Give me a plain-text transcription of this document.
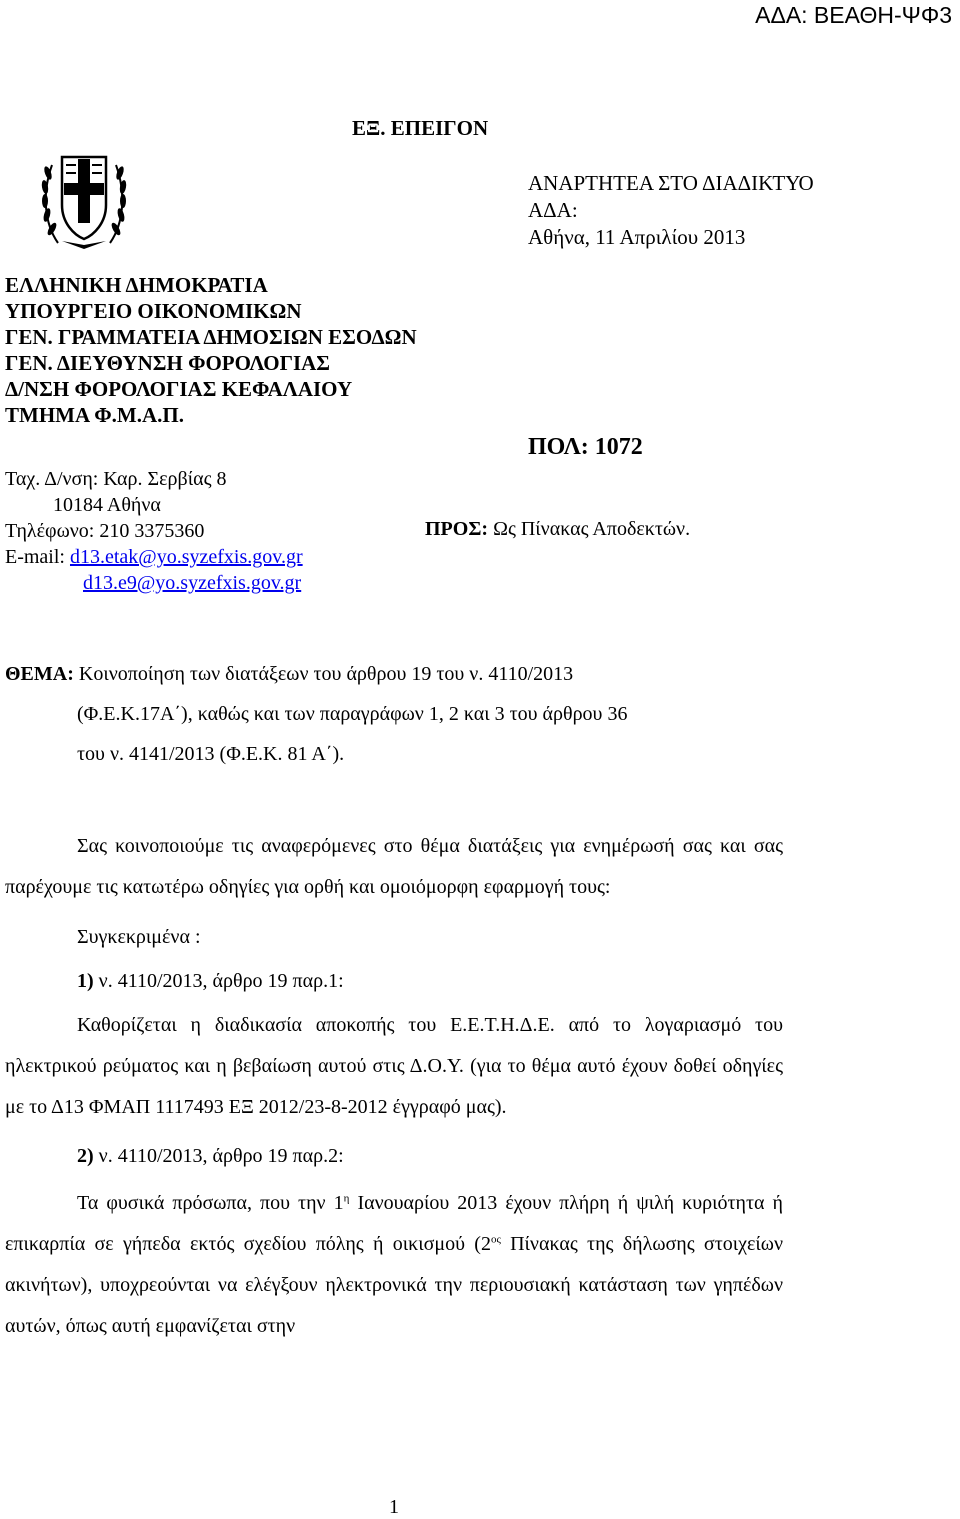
ΑΔΑ: ΒΕΑΘΗ-ΨΦ3
ΕΞ. ΕΠΕΙΓΟΝ
ΑΝΑΡΤΗΤΕΑ ΣΤΟ ΔΙΑΔΙΚΤΥΟ
ΑΔΑ:
Αθήνα, 11 Απριλίου 2013
ΕΛΛΗΝΙΚΗ ΔΗΜΟΚΡΑΤΙΑ
ΥΠΟΥΡΓΕΙΟ ΟΙΚΟΝΟΜΙΚΩΝ
ΓΕΝ. ΓΡΑΜΜΑΤΕΙΑ ΔΗΜΟΣΙΩΝ ΕΣΟΔΩΝ
ΓΕΝ. ΔΙΕΥΘΥΝΣΗ ΦΟΡΟΛΟΓΙΑΣ
Δ/ΝΣΗ ΦΟΡΟΛΟΓΙΑΣ ΚΕΦΑΛΑΙΟΥ
ΤΜΗΜΑ Φ.Μ.Α.Π.
ΠΟΛ: 1072
Ταχ. Δ/νση: Καρ. Σερβίας 8
10184 Αθήνα
Τηλέφωνο: 210 3375360
E-mail: d13.etak@yo.syzefxis.gov.gr
d13.e9@yo.syzefxis.gov.gr
ΠΡΟΣ: Ως Πίνακας Αποδεκτών.
ΘΕΜΑ: Κοινοποίηση των διατάξεων του άρθρου 19 του ν. 4110/2013
(Φ.Ε.Κ.17Α΄), καθώς και των παραγράφων 1, 2 και 3 του άρθρου 36
του ν. 4141/2013 (Φ.Ε.Κ. 81 Α΄).

Σας κοινοποιούμε τις αναφερόμενες στο θέμα διατάξεις για ενημέρωσή σας και σας παρέχουμε τις κατωτέρω οδηγίες για ορθή και ομοιόμορφη εφαρμογή τους:

Συγκεκριμένα :

1) ν. 4110/2013, άρθρο 19 παρ.1:

Καθορίζεται η διαδικασία αποκοπής του Ε.Ε.Τ.Η.Δ.Ε. από το λογαριασμό του ηλεκτρικού ρεύματος και η βεβαίωση αυτού στις Δ.Ο.Υ. (για το θέμα αυτό έχουν δοθεί οδηγίες με το Δ13 ΦΜΑΠ 1117493 ΕΞ 2012/23-8-2012 έγγραφό μας).

2) ν. 4110/2013, άρθρο 19 παρ.2:

Τα φυσικά πρόσωπα, που την $1^\eta$ Ιανουαρίου 2013 έχουν πλήρη ή ψιλή κυριότητα ή επικαρπία σε γήπεδα εκτός σχεδίου πόλης ή οικισμού ($2^{o\varsigma}$ Πίνακας της δήλωσης στοιχείων ακινήτων), υποχρεούνται να ελέγξουν ηλεκτρονικά την περιουσιακή κατάσταση των γηπέδων αυτών, όπως αυτή εμφανίζεται στην

1
